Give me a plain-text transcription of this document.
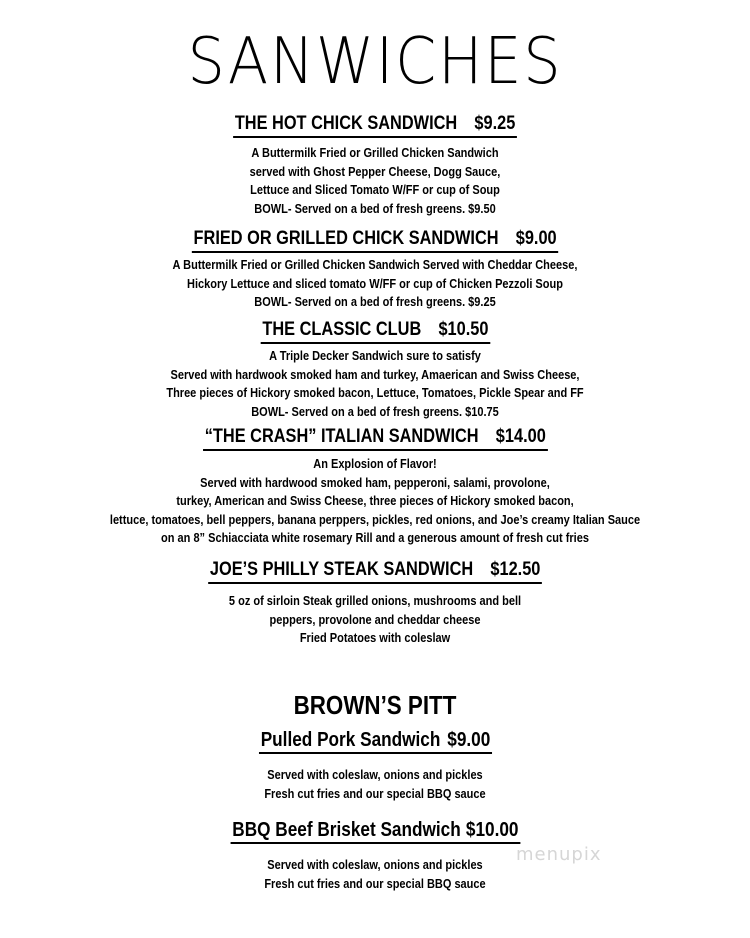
SANWICHES
THE HOT CHICK SANDWICH $9.25
A Buttermilk Fried or Grilled Chicken Sandwich
served with Ghost Pepper Cheese, Dogg Sauce,
Lettuce and Sliced Tomato W/FF or cup of Soup
BOWL- Served on a bed of fresh greens. $9.50
FRIED OR GRILLED CHICK SANDWICH $9.00
A Buttermilk Fried or Grilled Chicken Sandwich Served with Cheddar Cheese,
Hickory Lettuce and sliced tomato W/FF or cup of Chicken Pezzoli Soup
BOWL- Served on a bed of fresh greens. $9.25
THE CLASSIC CLUB $10.50
A Triple Decker Sandwich sure to satisfy
Served with hardwook smoked ham and turkey, Amaerican and Swiss Cheese,
Three pieces of Hickory smoked bacon, Lettuce, Tomatoes, Pickle Spear and FF
BOWL- Served on a bed of fresh greens. $10.75
“THE CRASH” ITALIAN SANDWICH $14.00
An Explosion of Flavor!
Served with hardwood smoked ham, pepperoni, salami, provolone,
turkey, American and Swiss Cheese, three pieces of Hickory smoked bacon,
lettuce, tomatoes, bell peppers, banana perppers, pickles, red onions, and Joe’s creamy Italian Sauce
on an 8” Schiacciata white rosemary Rill and a generous amount of fresh cut fries
JOE’S PHILLY STEAK SANDWICH $12.50
5 oz of sirloin Steak grilled onions, mushrooms and bell
peppers, provolone and cheddar cheese
Fried Potatoes with coleslaw
BROWN’S PITT
Pulled Pork Sandwich $9.00
Served with coleslaw, onions and pickles
Fresh cut fries and our special BBQ sauce
BBQ Beef Brisket Sandwich $10.00
Served with coleslaw, onions and pickles
Fresh cut fries and our special BBQ sauce
menupix
